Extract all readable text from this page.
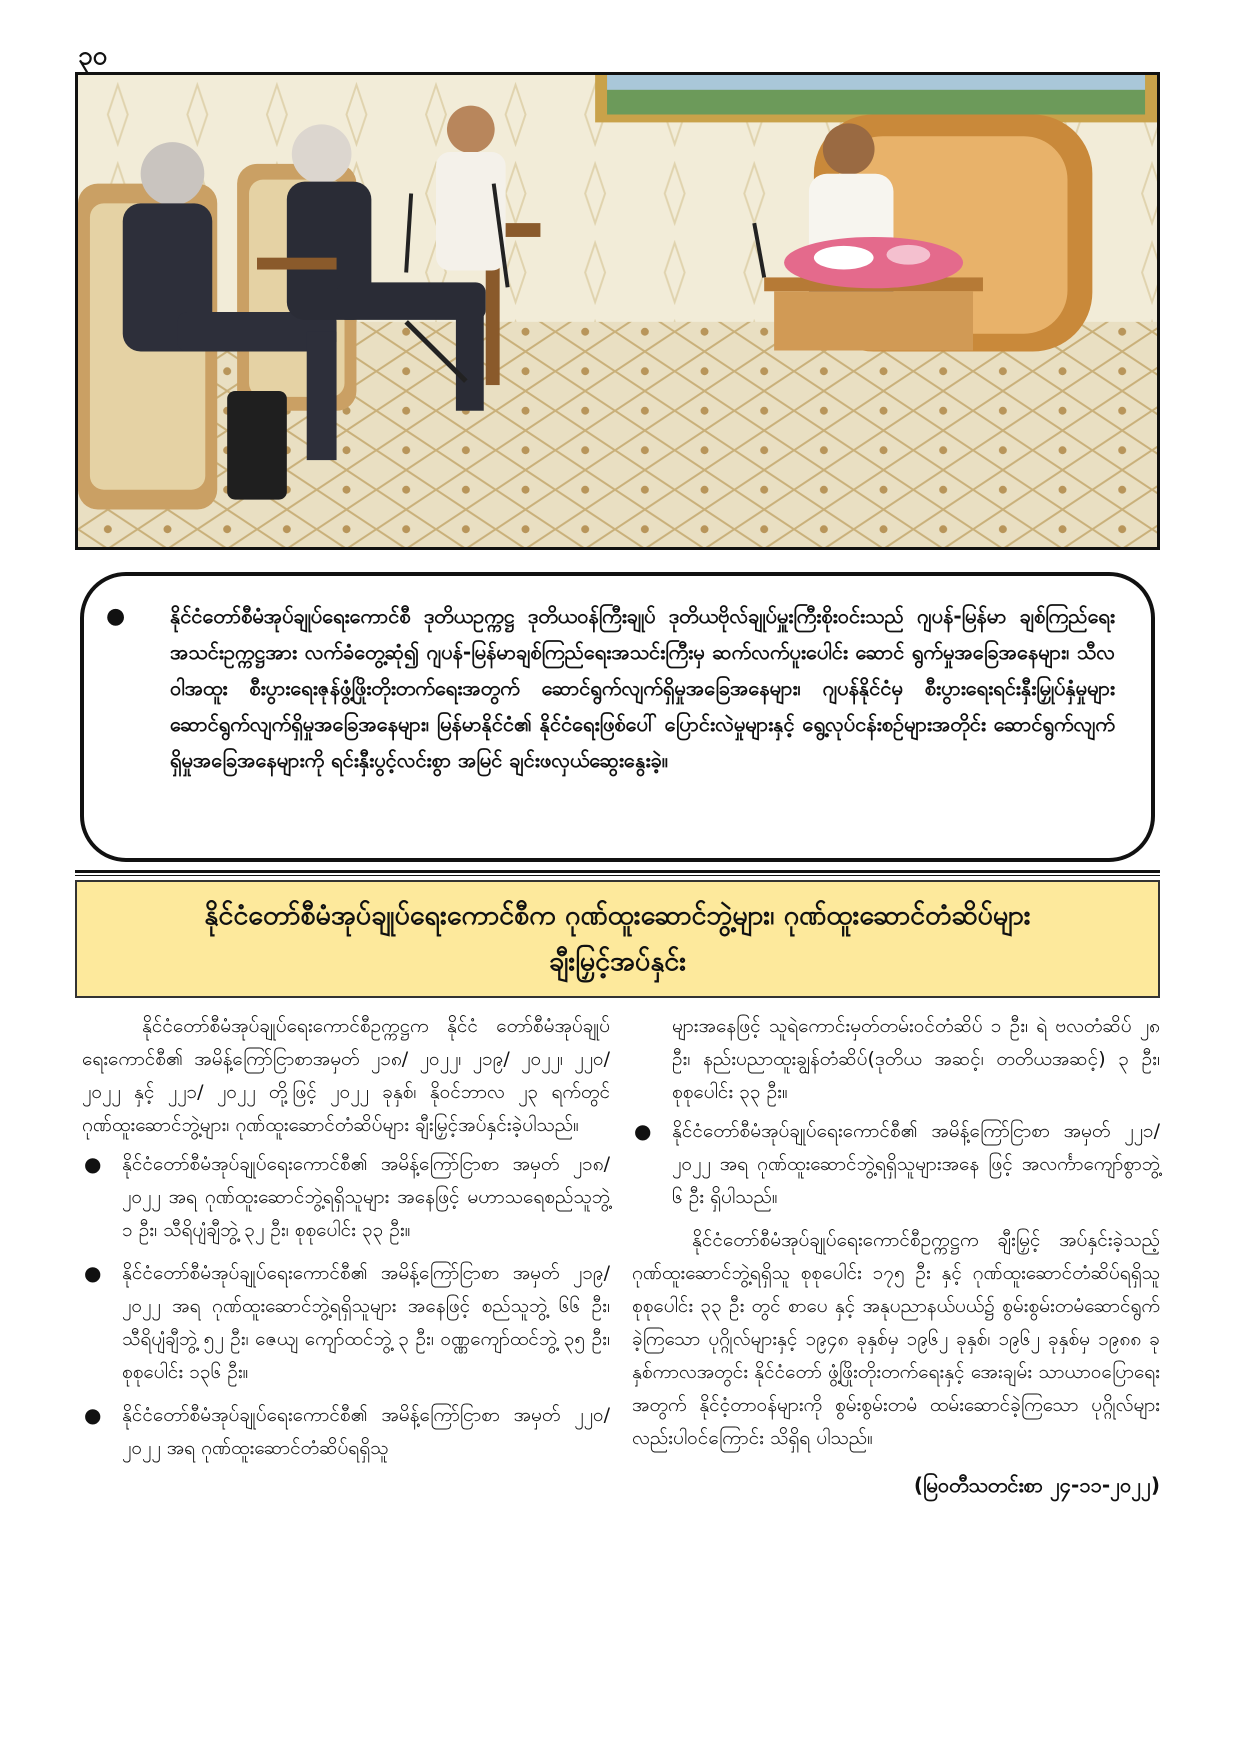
၃၀
● နိုင်ငံတော်စီမံအုပ်ချုပ်ရေးကောင်စီ ဒုတိယဥက္ကဋ္ဌ ဒုတိယဝန်ကြီးချုပ် ဒုတိယဗိုလ်ချုပ်မှူးကြီးစိုးဝင်းသည် ဂျပန်-မြန်မာ ချစ်ကြည်ရေးအသင်းဥက္ကဋ္ဌအား လက်ခံတွေ့ဆုံ၍ ဂျပန်-မြန်မာချစ်ကြည်ရေးအသင်းကြီးမှ ဆက်လက်ပူးပေါင်း ဆောင် ရွက်မှုအခြေအနေများ၊ သီလဝါအထူး စီးပွားရေးဇုန်ဖွံ့ဖြိုးတိုးတက်ရေးအတွက် ဆောင်ရွက်လျက်ရှိမှုအခြေအနေများ၊ ဂျပန်နိုင်ငံမှ စီးပွားရေးရင်းနှီးမြှုပ်နှံမှုများ ဆောင်ရွက်လျက်ရှိမှုအခြေအနေများ၊ မြန်မာနိုင်ငံ၏ နိုင်ငံရေးဖြစ်ပေါ် ပြောင်းလဲမှုများနှင့် ရွေ့လုပ်ငန်းစဉ်များအတိုင်း ဆောင်ရွက်လျက်ရှိမှုအခြေအနေများကို ရင်းနှီးပွင့်လင်းစွာ အမြင် ချင်းဖလှယ်ဆွေးနွေးခဲ့။

နိုင်ငံတော်စီမံအုပ်ချုပ်ရေးကောင်စီက ဂုဏ်ထူးဆောင်ဘွဲ့များ၊ ဂုဏ်ထူးဆောင်တံဆိပ်များ
ချီးမြှင့်အပ်နှင်း

နိုင်ငံတော်စီမံအုပ်ချုပ်ရေးကောင်စီဥက္ကဋ္ဌက နိုင်ငံ တော်စီမံအုပ်ချုပ်ရေးကောင်စီ၏ အမိန့်ကြော်ငြာစာအမှတ် ၂၁၈/ ၂၀၂၂၊ ၂၁၉/ ၂၀၂၂၊ ၂၂၀/ ၂၀၂၂ နှင့် ၂၂၁/ ၂၀၂၂ တို့ဖြင့် ၂၀၂၂ ခုနှစ်၊ နိုဝင်ဘာလ ၂၃ ရက်တွင် ဂုဏ်ထူးဆောင်ဘွဲ့များ၊ ဂုဏ်ထူးဆောင်တံဆိပ်များ ချီးမြှင့်အပ်နှင်းခဲ့ပါသည်။

● နိုင်ငံတော်စီမံအုပ်ချုပ်ရေးကောင်စီ၏ အမိန့်ကြော်ငြာစာ အမှတ် ၂၁၈/ ၂၀၂၂ အရ ဂုဏ်ထူးဆောင်ဘွဲ့ရရှိသူများ အနေဖြင့် မဟာသရေစည်သူဘွဲ့ ၁ ဦး၊ သီရိပျံချီဘွဲ့ ၃၂ ဦး၊ စုစုပေါင်း ၃၃ ဦး။
● နိုင်ငံတော်စီမံအုပ်ချုပ်ရေးကောင်စီ၏ အမိန့်ကြော်ငြာစာ အမှတ် ၂၁၉/ ၂၀၂၂ အရ ဂုဏ်ထူးဆောင်ဘွဲ့ရရှိသူများ အနေဖြင့် စည်သူဘွဲ့ ၆၆ ဦး၊ သီရိပျံချီဘွဲ့ ၅၂ ဦး၊ ဇေယျ ကျော်ထင်ဘွဲ့ ၃ ဦး၊ ဝဏ္ဏကျော်ထင်ဘွဲ့ ၃၅ ဦး၊ စုစုပေါင်း ၁၃၆ ဦး။
● နိုင်ငံတော်စီမံအုပ်ချုပ်ရေးကောင်စီ၏ အမိန့်ကြော်ငြာစာ အမှတ် ၂၂၀/ ၂၀၂၂ အရ ဂုဏ်ထူးဆောင်တံဆိပ်ရရှိသူ

များအနေဖြင့် သူရဲကောင်းမှတ်တမ်းဝင်တံဆိပ် ၁ ဦး၊ ရဲ ဗလတံဆိပ် ၂၈ ဦး၊ နည်းပညာထူးချွန်တံဆိပ်(ဒုတိယ အဆင့်၊ တတိယအဆင့်) ၃ ဦး၊ စုစုပေါင်း ၃၃ ဦး။

● နိုင်ငံတော်စီမံအုပ်ချုပ်ရေးကောင်စီ၏ အမိန့်ကြော်ငြာစာ အမှတ် ၂၂၁/ ၂၀၂၂ အရ ဂုဏ်ထူးဆောင်ဘွဲ့ရရှိသူများအနေ ဖြင့် အလင်္ကာကျော်စွာဘွဲ့ ၆ ဦး ရှိပါသည်။

နိုင်ငံတော်စီမံအုပ်ချုပ်ရေးကောင်စီဥက္ကဋ္ဌက ချီးမြှင့် အပ်နှင်းခဲ့သည့် ဂုဏ်ထူးဆောင်ဘွဲ့ရရှိသူ စုစုပေါင်း ၁၇၅ ဦး နှင့် ဂုဏ်ထူးဆောင်တံဆိပ်ရရှိသူစုစုပေါင်း ၃၃ ဦး တွင် စာပေ နှင့် အနုပညာနယ်ပယ်၌ စွမ်းစွမ်းတမံဆောင်ရွက်ခဲ့ကြသော ပုဂ္ဂိုလ်များနှင့် ၁၉၄၈ ခုနှစ်မှ ၁၉၆၂ ခုနှစ်၊ ၁၉၆၂ ခုနှစ်မှ ၁၉၈၈ ခုနှစ်ကာလအတွင်း နိုင်ငံတော် ဖွံ့ဖြိုးတိုးတက်ရေးနှင့် အေးချမ်း သာယာဝပြောရေးအတွက် နိုင်ငံ့တာဝန်များကို စွမ်းစွမ်းတမံ ထမ်းဆောင်ခဲ့ကြသော ပုဂ္ဂိုလ်များလည်းပါဝင်ကြောင်း သိရှိရ ပါသည်။

(မြဝတီသတင်းစာ ၂၄-၁၁-၂၀၂၂)
